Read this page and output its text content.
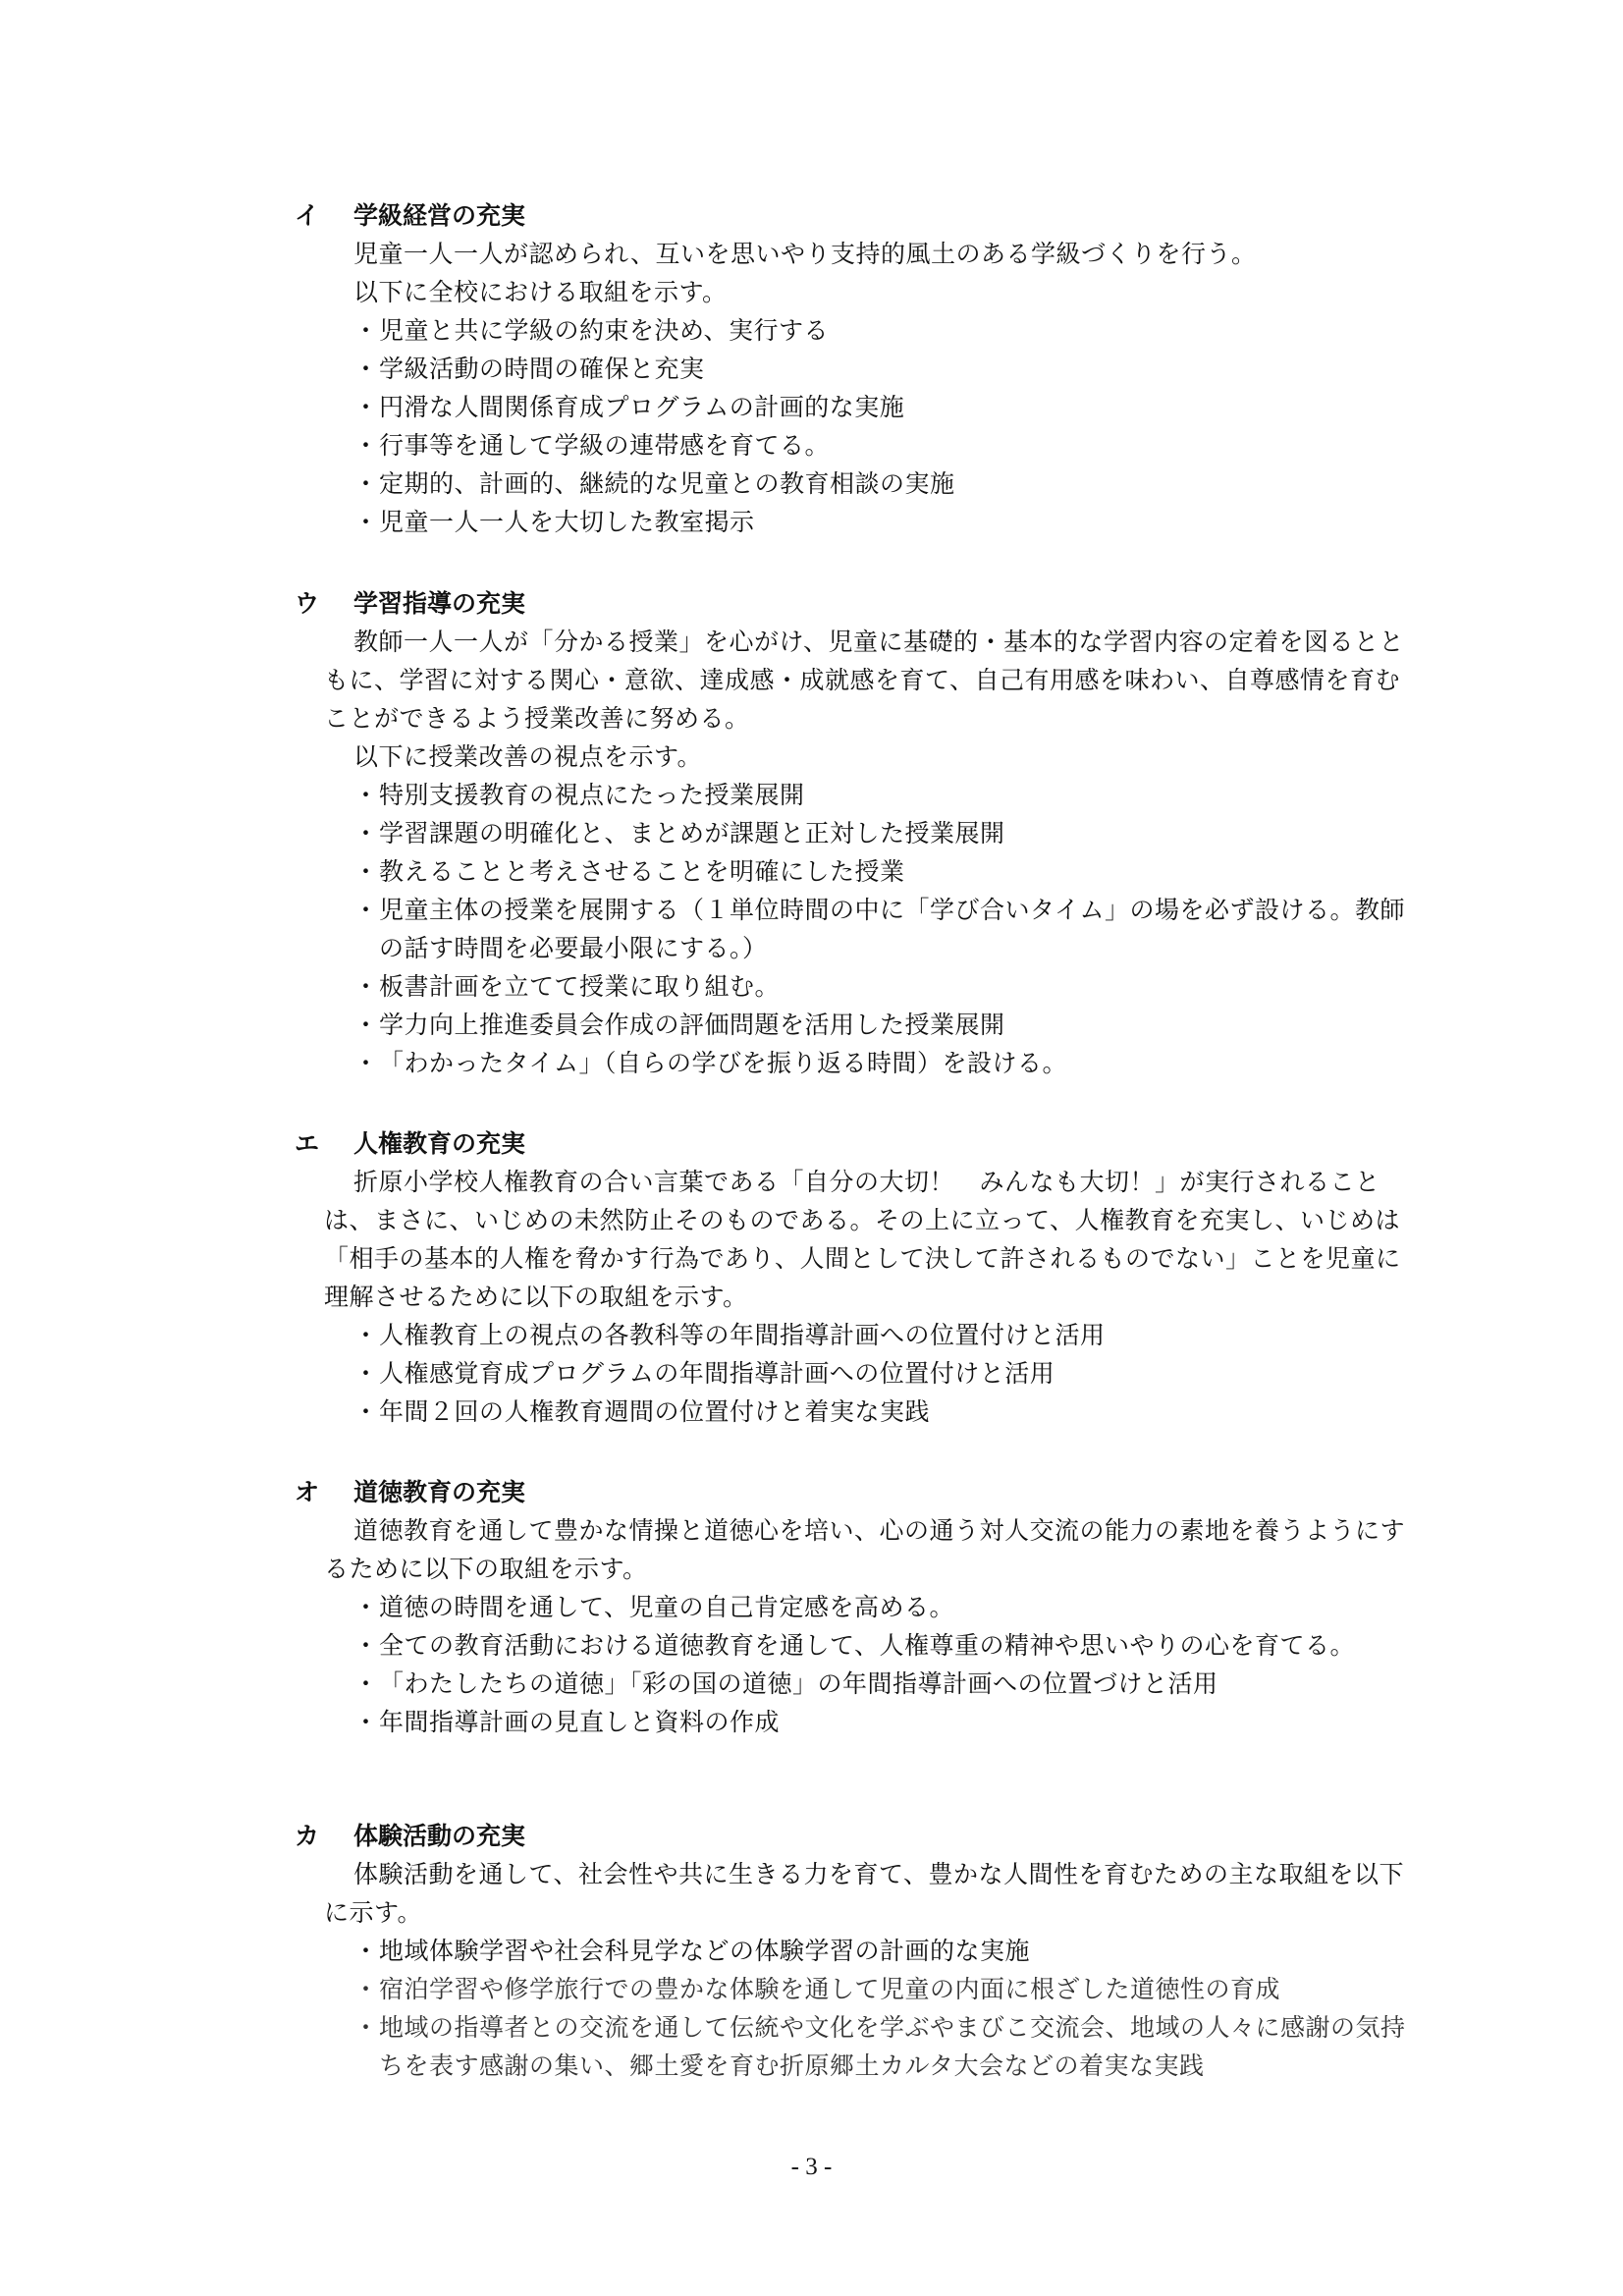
イ	学級経営の充実

児童一人一人が認められ、互いを思いやり支持的風土のある学級づくりを行う。

以下に全校における取組を示す。

・児童と共に学級の約束を決め、実行する
・学級活動の時間の確保と充実
・円滑な人間関係育成プログラムの計画的な実施
・行事等を通して学級の連帯感を育てる。
・定期的、計画的、継続的な児童との教育相談の実施
・児童一人一人を大切した教室掲示
ウ	学習指導の充実

教師一人一人が「分かる授業」を心がけ、児童に基礎的・基本的な学習内容の定着を図るとともに、学習に対する関心・意欲、達成感・成就感を育て、自己有用感を味わい、自尊感情を育むことができるよう授業改善に努める。

以下に授業改善の視点を示す。

・特別支援教育の視点にたった授業展開
・学習課題の明確化と、まとめが課題と正対した授業展開
・教えることと考えさせることを明確にした授業
・児童主体の授業を展開する（１単位時間の中に「学び合いタイム」の場を必ず設ける。教師の話す時間を必要最小限にする。）
・板書計画を立てて授業に取り組む。
・学力向上推進委員会作成の評価問題を活用した授業展開
・「わかったタイム」（自らの学びを振り返る時間）を設ける。
エ	人権教育の充実

折原小学校人権教育の合い言葉である「自分の大切！　みんなも大切！」が実行されることは、まさに、いじめの未然防止そのものである。その上に立って、人権教育を充実し、いじめは「相手の基本的人権を脅かす行為であり、人間として決して許されるものでない」ことを児童に理解させるために以下の取組を示す。

・人権教育上の視点の各教科等の年間指導計画への位置付けと活用
・人権感覚育成プログラムの年間指導計画への位置付けと活用
・年間２回の人権教育週間の位置付けと着実な実践
オ	道徳教育の充実

道徳教育を通して豊かな情操と道徳心を培い、心の通う対人交流の能力の素地を養うようにするために以下の取組を示す。

・道徳の時間を通して、児童の自己肯定感を高める。
・全ての教育活動における道徳教育を通して、人権尊重の精神や思いやりの心を育てる。
・「わたしたちの道徳」「彩の国の道徳」の年間指導計画への位置づけと活用
・年間指導計画の見直しと資料の作成
カ	体験活動の充実

体験活動を通して、社会性や共に生きる力を育て、豊かな人間性を育むための主な取組を以下に示す。

・地域体験学習や社会科見学などの体験学習の計画的な実施
・宿泊学習や修学旅行での豊かな体験を通して児童の内面に根ざした道徳性の育成
・地域の指導者との交流を通して伝統や文化を学ぶやまびこ交流会、地域の人々に感謝の気持ちを表す感謝の集い、郷土愛を育む折原郷土カルタ大会などの着実な実践
- 3 -
